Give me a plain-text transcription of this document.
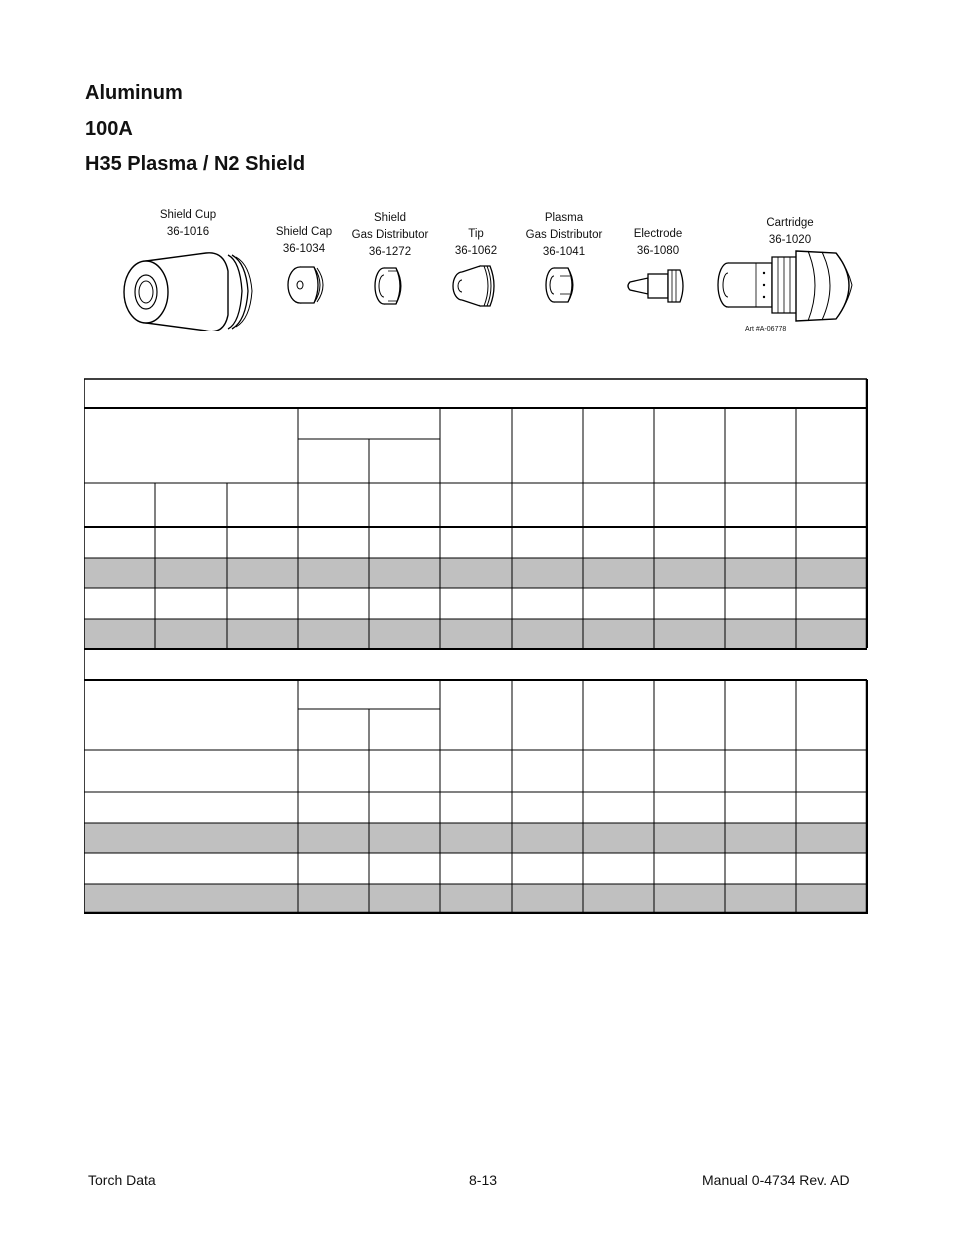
Aluminum
100A
H35 Plasma / N2 Shield
Shield Cup
36-1016	Shield Cap
36-1034
Shield
Gas Distributor
36-1272
Tip
36-1062
Plasma
Gas Distributor
36-1041
Electrode
36-1080
Cartridge
36-1020
Art #A-06778
Torch Data	8-13	Manual 0-4734 Rev. AD
